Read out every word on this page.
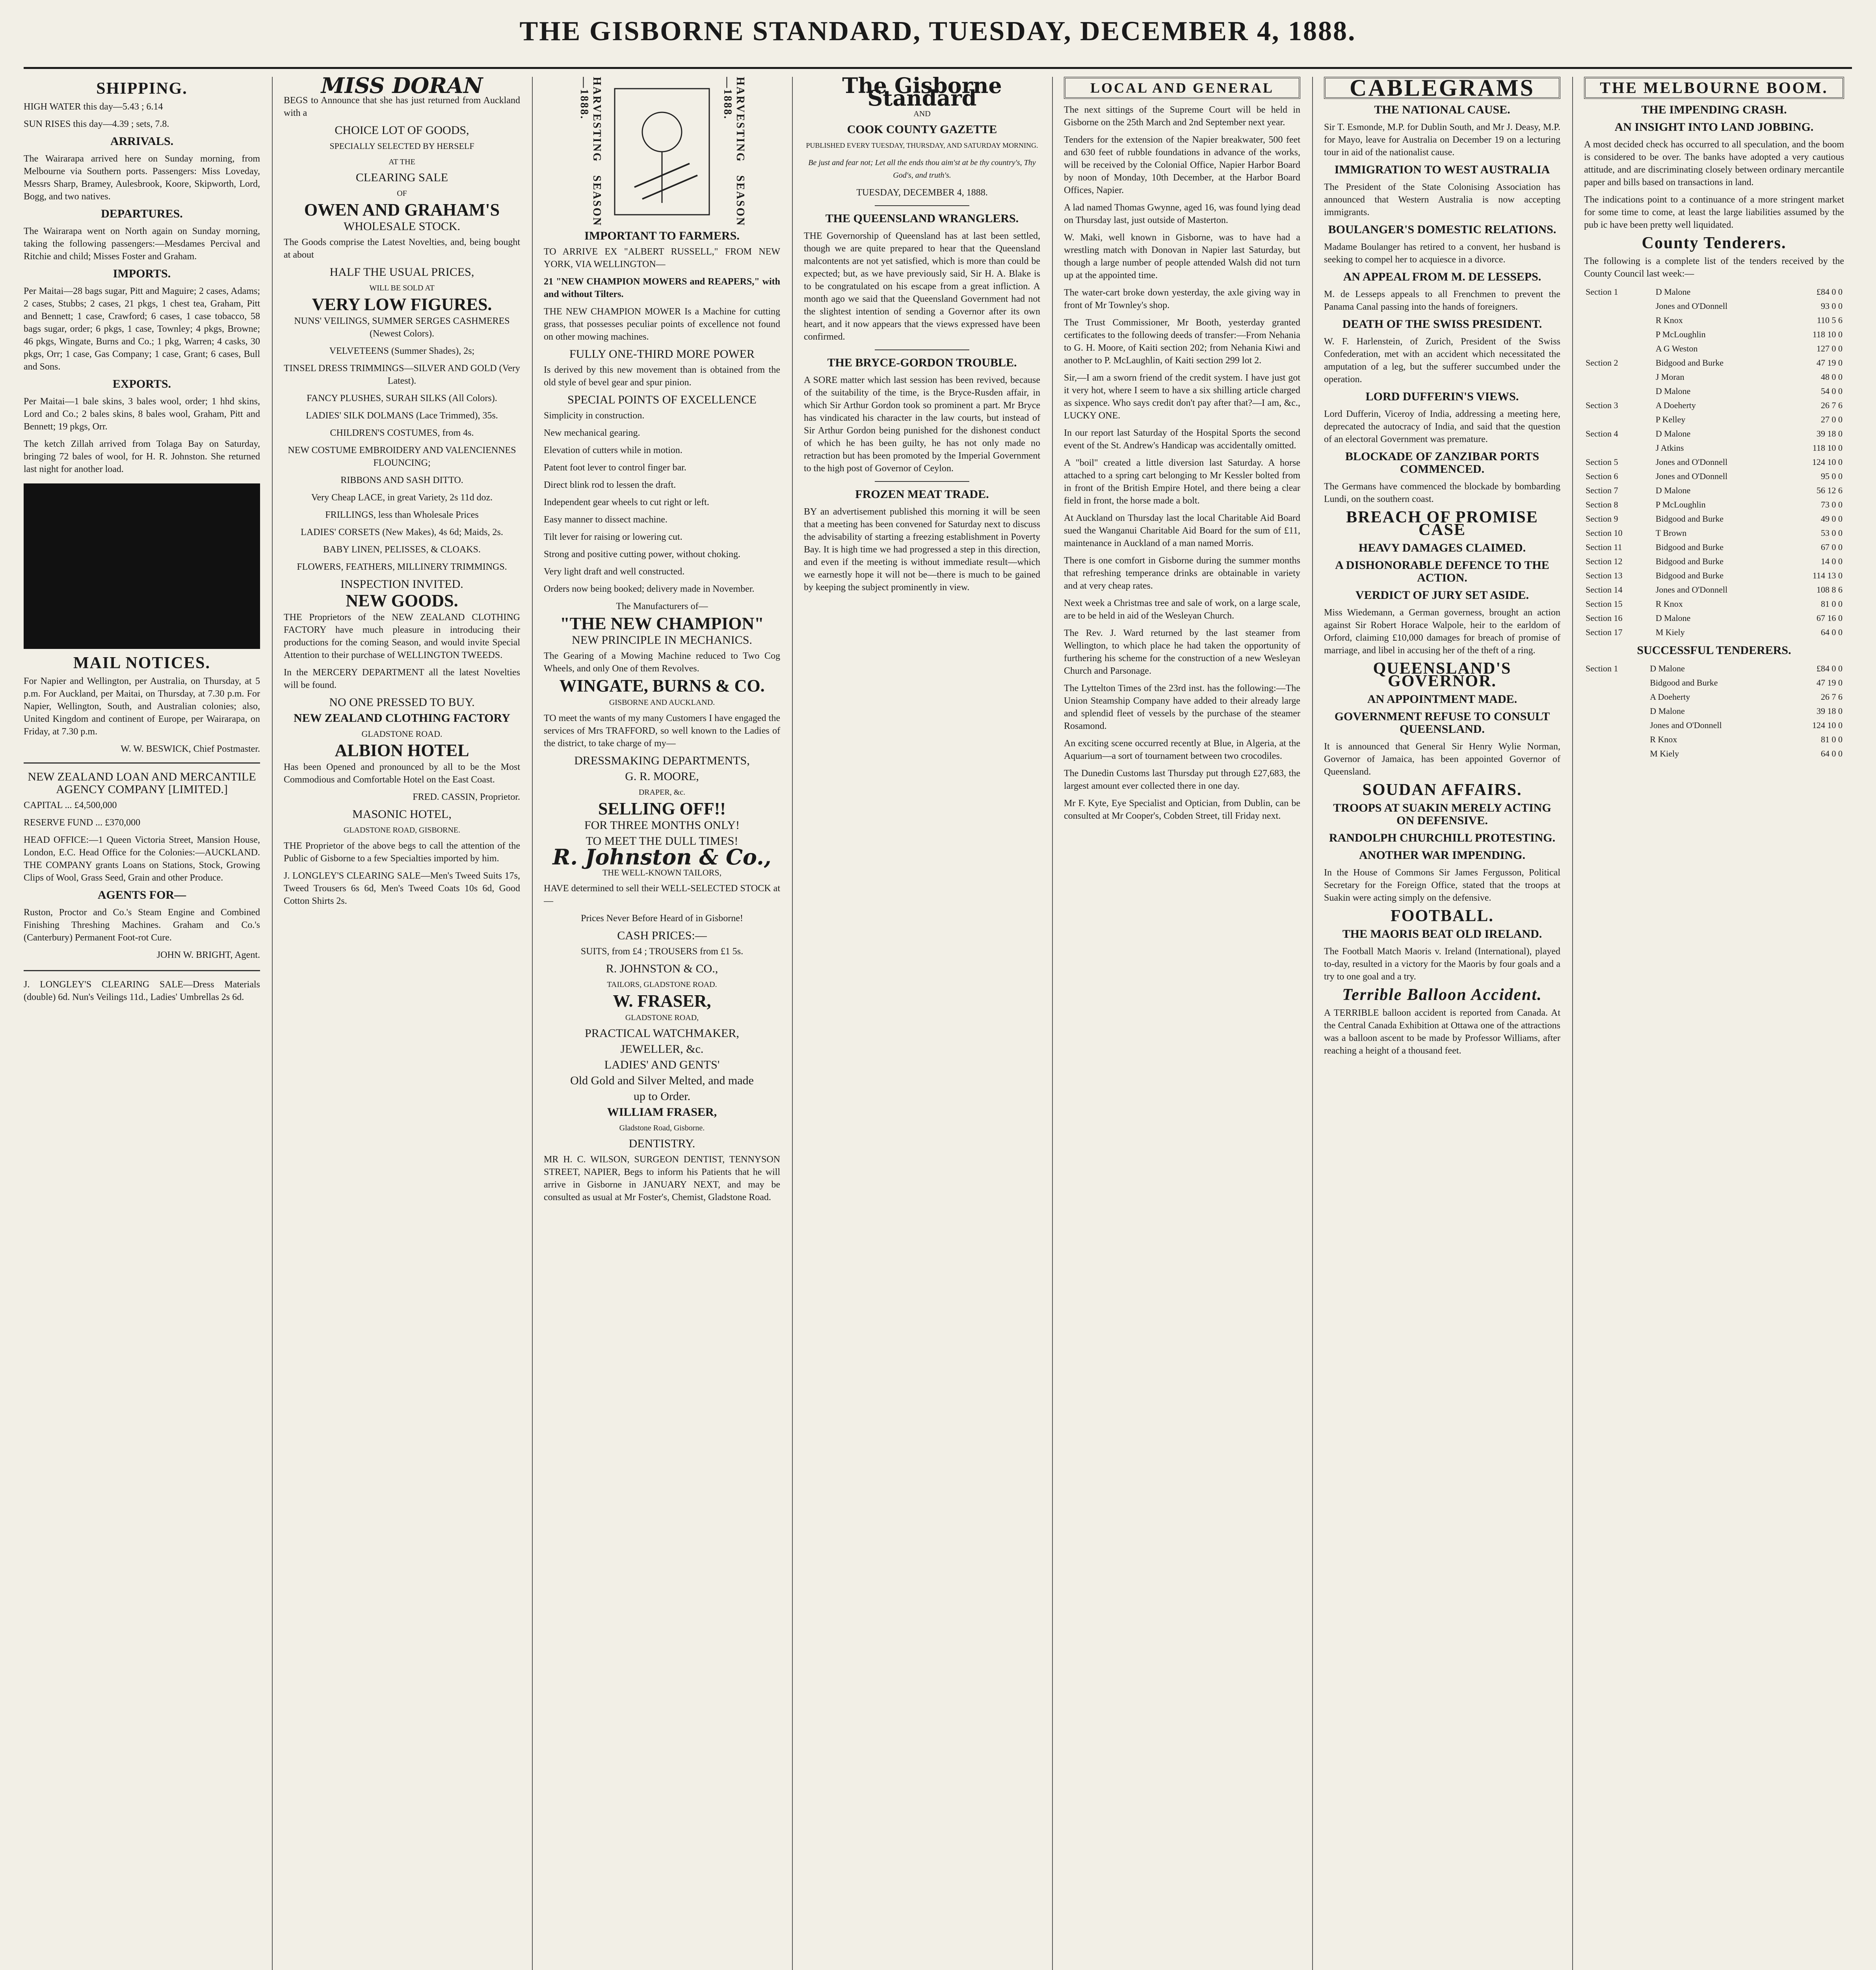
THE GISBORNE STANDARD, TUESDAY, DECEMBER 4, 1888.
SHIPPING.

HIGH WATER this day—5.43 ; 6.14

SUN RISES this day—4.39 ; sets, 7.8.

ARRIVALS.

The Wairarapa arrived here on Sunday morning, from Melbourne via Southern ports. Passengers: Miss Loveday, Messrs Sharp, Bramey, Aulesbrook, Koore, Skipworth, Lord, Bogg, and two natives.

DEPARTURES.

The Wairarapa went on North again on Sunday morning, taking the following passengers:—Mesdames Percival and Ritchie and child; Misses Foster and Graham.

IMPORTS.

Per Maitai—28 bags sugar, Pitt and Maguire; 2 cases, Adams; 2 cases, Stubbs; 2 cases, 21 pkgs, 1 chest tea, Graham, Pitt and Bennett; 1 case, Crawford; 6 cases, 1 case tobacco, 58 bags sugar, order; 6 pkgs, 1 case, Townley; 4 pkgs, Browne; 46 pkgs, Wingate, Burns and Co.; 1 pkg, Warren; 4 casks, 30 pkgs, Orr; 1 case, Gas Company; 1 case, Grant; 6 cases, Bull and Sons.

EXPORTS.

Per Maitai—1 bale skins, 3 bales wool, order; 1 hhd skins, Lord and Co.; 2 bales skins, 8 bales wool, Graham, Pitt and Bennett; 19 pkgs, Orr.

The ketch Zillah arrived from Tolaga Bay on Saturday, bringing 72 bales of wool, for H. R. Johnston. She returned last night for another load.

MAIL NOTICES.

For Napier and Wellington, per Australia, on Thursday, at 5 p.m. For Auckland, per Maitai, on Thursday, at 7.30 p.m. For Napier, Wellington, South, and Australian colonies; also, United Kingdom and continent of Europe, per Wairarapa, on Friday, at 7.30 p.m.

W. W. BESWICK, Chief Postmaster.

NEW ZEALAND LOAN AND MERCANTILE AGENCY COMPANY [LIMITED.]

CAPITAL ... £4,500,000

RESERVE FUND ... £370,000

HEAD OFFICE:—1 Queen Victoria Street, Mansion House, London, E.C. Head Office for the Colonies:—AUCKLAND. THE COMPANY grants Loans on Stations, Stock, Growing Clips of Wool, Grass Seed, Grain and other Produce.

AGENTS FOR—

Ruston, Proctor and Co.'s Steam Engine and Combined Finishing Threshing Machines. Graham and Co.'s (Canterbury) Permanent Foot-rot Cure.

JOHN W. BRIGHT, Agent.

J. LONGLEY'S CLEARING SALE—Dress Materials (double) 6d. Nun's Veilings 11d., Ladies' Umbrellas 2s 6d.

MISS DORAN

BEGS to Announce that she has just returned from Auckland with a

CHOICE LOT OF GOODS,
SPECIALLY SELECTED BY HERSELF
AT THE
CLEARING SALE
OF
OWEN AND GRAHAM'S
WHOLESALE STOCK.

The Goods comprise the Latest Novelties, and, being bought at about

HALF THE USUAL PRICES,
WILL BE SOLD AT
VERY LOW FIGURES.

NUNS' VEILINGS, SUMMER SERGES CASHMERES (Newest Colors).

VELVETEENS (Summer Shades), 2s;

TINSEL DRESS TRIMMINGS—SILVER AND GOLD (Very Latest).

FANCY PLUSHES, SURAH SILKS (All Colors).

LADIES' SILK DOLMANS (Lace Trimmed), 35s.

CHILDREN'S COSTUMES, from 4s.

NEW COSTUME EMBROIDERY AND VALENCIENNES FLOUNCING;

RIBBONS AND SASH DITTO.

Very Cheap LACE, in great Variety, 2s 11d doz.

FRILLINGS, less than Wholesale Prices

LADIES' CORSETS (New Makes), 4s 6d; Maids, 2s.

BABY LINEN, PELISSES, & CLOAKS.

FLOWERS, FEATHERS, MILLINERY TRIMMINGS.

INSPECTION INVITED.
NEW GOODS.

THE Proprietors of the NEW ZEALAND CLOTHING FACTORY have much pleasure in introducing their productions for the coming Season, and would invite Special Attention to their purchase of WELLINGTON TWEEDS.

In the MERCERY DEPARTMENT all the latest Novelties will be found.

NO ONE PRESSED TO BUY.
NEW ZEALAND CLOTHING FACTORY
GLADSTONE ROAD.
ALBION HOTEL

Has been Opened and pronounced by all to be the Most Commodious and Comfortable Hotel on the East Coast.

FRED. CASSIN, Proprietor.

MASONIC HOTEL,
GLADSTONE ROAD, GISBORNE.

THE Proprietor of the above begs to call the attention of the Public of Gisborne to a few Specialties imported by him.

J. LONGLEY'S CLEARING SALE—Men's Tweed Suits 17s, Tweed Trousers 6s 6d, Men's Tweed Coats 10s 6d, Good Cotton Shirts 2s.

HARVESTING SEASON—1888.	HARVESTING SEASON—1888.
IMPORTANT TO FARMERS.

TO ARRIVE EX "ALBERT RUSSELL," FROM NEW YORK, VIA WELLINGTON—

21 "NEW CHAMPION MOWERS and REAPERS," with and without Tilters.

THE NEW CHAMPION MOWER Is a Machine for cutting grass, that possesses peculiar points of excellence not found on other mowing machines.

FULLY ONE-THIRD MORE POWER

Is derived by this new movement than is obtained from the old style of bevel gear and spur pinion.

SPECIAL POINTS OF EXCELLENCE

Simplicity in construction.

New mechanical gearing.

Elevation of cutters while in motion.

Patent foot lever to control finger bar.

Direct blink rod to lessen the draft.

Independent gear wheels to cut right or left.

Easy manner to dissect machine.

Tilt lever for raising or lowering cut.

Strong and positive cutting power, without choking.

Very light draft and well constructed.

Orders now being booked; delivery made in November.

The Manufacturers of—

"THE NEW CHAMPION"
NEW PRINCIPLE IN MECHANICS.

The Gearing of a Mowing Machine reduced to Two Cog Wheels, and only One of them Revolves.

WINGATE, BURNS & CO.
GISBORNE AND AUCKLAND.

TO meet the wants of my many Customers I have engaged the services of Mrs TRAFFORD, so well known to the Ladies of the district, to take charge of my—

DRESSMAKING DEPARTMENTS,
G. R. MOORE,
DRAPER, &c.
SELLING OFF!!
FOR THREE MONTHS ONLY!
TO MEET THE DULL TIMES!
R. Johnston & Co.,
THE WELL-KNOWN TAILORS,

HAVE determined to sell their WELL-SELECTED STOCK at—

Prices Never Before Heard of in Gisborne!

CASH PRICES:—

SUITS, from £4 ; TROUSERS from £1 5s.

R. JOHNSTON & CO.,
TAILORS, GLADSTONE ROAD.
W. FRASER,
GLADSTONE ROAD,
PRACTICAL WATCHMAKER,
JEWELLER, &c.
LADIES' AND GENTS'
Old Gold and Silver Melted, and made
up to Order.
WILLIAM FRASER,
Gladstone Road, Gisborne.
DENTISTRY.

MR H. C. WILSON, SURGEON DENTIST, TENNYSON STREET, NAPIER, Begs to inform his Patients that he will arrive in Gisborne in JANUARY NEXT, and may be consulted as usual at Mr Foster's, Chemist, Gladstone Road.

The Gisborne Standard
AND
COOK COUNTY GAZETTE

PUBLISHED EVERY TUESDAY, THURSDAY, AND SATURDAY MORNING.

Be just and fear not; Let all the ends thou aim'st at be thy country's, Thy God's, and truth's.

TUESDAY, DECEMBER 4, 1888.

THE QUEENSLAND WRANGLERS.

THE Governorship of Queensland has at last been settled, though we are quite prepared to hear that the Queensland malcontents are not yet satisfied, which is more than could be expected; but, as we have previously said, Sir H. A. Blake is to be congratulated on his escape from a great infliction. A month ago we said that the Queensland Government had not the slightest intention of sending a Governor after its own heart, and it now appears that the views expressed have been confirmed.

THE BRYCE-GORDON TROUBLE.

A SORE matter which last session has been revived, because of the suitability of the time, is the Bryce-Rusden affair, in which Sir Arthur Gordon took so prominent a part. Mr Bryce has vindicated his character in the law courts, but instead of Sir Arthur Gordon being punished for the dishonest conduct of which he has been guilty, he has not only made no retraction but has been promoted by the Imperial Government to the high post of Governor of Ceylon.

FROZEN MEAT TRADE.

BY an advertisement published this morning it will be seen that a meeting has been convened for Saturday next to discuss the advisability of starting a freezing establishment in Poverty Bay. It is high time we had progressed a step in this direction, and even if the meeting is without immediate result—which we earnestly hope it will not be—there is much to be gained by keeping the subject prominently in view.

LOCAL AND GENERAL

The next sittings of the Supreme Court will be held in Gisborne on the 25th March and 2nd September next year.

Tenders for the extension of the Napier breakwater, 500 feet and 630 feet of rubble foundations in advance of the works, will be received by the Colonial Office, Napier Harbor Board by noon of Monday, 10th December, at the Harbor Board Offices, Napier.

A lad named Thomas Gwynne, aged 16, was found lying dead on Thursday last, just outside of Masterton.

W. Maki, well known in Gisborne, was to have had a wrestling match with Donovan in Napier last Saturday, but though a large number of people attended Walsh did not turn up at the appointed time.

The water-cart broke down yesterday, the axle giving way in front of Mr Townley's shop.

The Trust Commissioner, Mr Booth, yesterday granted certificates to the following deeds of transfer:—From Nehania to G. H. Moore, of Kaiti section 202; from Nehania Kiwi and another to P. McLaughlin, of Kaiti section 299 lot 2.

Sir,—I am a sworn friend of the credit system. I have just got it very hot, where I seem to have a six shilling article charged as sixpence. Who says credit don't pay after that?—I am, &c., LUCKY ONE.

In our report last Saturday of the Hospital Sports the second event of the St. Andrew's Handicap was accidentally omitted.

A "boil" created a little diversion last Saturday. A horse attached to a spring cart belonging to Mr Kessler bolted from in front of the British Empire Hotel, and there being a clear field in front, the horse made a bolt.

At Auckland on Thursday last the local Charitable Aid Board sued the Wanganui Charitable Aid Board for the sum of £11, maintenance in Auckland of a man named Morris.

There is one comfort in Gisborne during the summer months that refreshing temperance drinks are obtainable in variety and at very cheap rates.

Next week a Christmas tree and sale of work, on a large scale, are to be held in aid of the Wesleyan Church.

The Rev. J. Ward returned by the last steamer from Wellington, to which place he had taken the opportunity of furthering his scheme for the construction of a new Wesleyan Church and Parsonage.

The Lyttelton Times of the 23rd inst. has the following:—The Union Steamship Company have added to their already large and splendid fleet of vessels by the purchase of the steamer Rosamond.

An exciting scene occurred recently at Blue, in Algeria, at the Aquarium—a sort of tournament between two crocodiles.

The Dunedin Customs last Thursday put through £27,683, the largest amount ever collected there in one day.

Mr F. Kyte, Eye Specialist and Optician, from Dublin, can be consulted at Mr Cooper's, Cobden Street, till Friday next.

CABLEGRAMS
THE NATIONAL CAUSE.

Sir T. Esmonde, M.P. for Dublin South, and Mr J. Deasy, M.P. for Mayo, leave for Australia on December 19 on a lecturing tour in aid of the nationalist cause.

IMMIGRATION TO WEST AUSTRALIA

The President of the State Colonising Association has announced that Western Australia is now accepting immigrants.

BOULANGER'S DOMESTIC RELATIONS.

Madame Boulanger has retired to a convent, her husband is seeking to compel her to acquiesce in a divorce.

AN APPEAL FROM M. DE LESSEPS.

M. de Lesseps appeals to all Frenchmen to prevent the Panama Canal passing into the hands of foreigners.

DEATH OF THE SWISS PRESIDENT.

W. F. Harlenstein, of Zurich, President of the Swiss Confederation, met with an accident which necessitated the amputation of a leg, but the sufferer succumbed under the operation.

LORD DUFFERIN'S VIEWS.

Lord Dufferin, Viceroy of India, addressing a meeting here, deprecated the autocracy of India, and said that the question of an electoral Government was premature.

BLOCKADE OF ZANZIBAR PORTS COMMENCED.

The Germans have commenced the blockade by bombarding Lundi, on the southern coast.

BREACH OF PROMISE CASE
HEAVY DAMAGES CLAIMED.
A DISHONORABLE DEFENCE TO THE ACTION.
VERDICT OF JURY SET ASIDE.

Miss Wiedemann, a German governess, brought an action against Sir Robert Horace Walpole, heir to the earldom of Orford, claiming £10,000 damages for breach of promise of marriage, and libel in accusing her of the theft of a ring.

QUEENSLAND'S GOVERNOR.
AN APPOINTMENT MADE.
GOVERNMENT REFUSE TO CONSULT QUEENSLAND.

It is announced that General Sir Henry Wylie Norman, Governor of Jamaica, has been appointed Governor of Queensland.

SOUDAN AFFAIRS.
TROOPS AT SUAKIN MERELY ACTING ON DEFENSIVE.
RANDOLPH CHURCHILL PROTESTING.
ANOTHER WAR IMPENDING.

In the House of Commons Sir James Fergusson, Political Secretary for the Foreign Office, stated that the troops at Suakin were acting simply on the defensive.

FOOTBALL.
THE MAORIS BEAT OLD IRELAND.

The Football Match Maoris v. Ireland (International), played to-day, resulted in a victory for the Maoris by four goals and a try to one goal and a try.

Terrible Balloon Accident.

A TERRIBLE balloon accident is reported from Canada. At the Central Canada Exhibition at Ottawa one of the attractions was a balloon ascent to be made by Professor Williams, after reaching a height of a thousand feet.

THE MELBOURNE BOOM.
THE IMPENDING CRASH.
AN INSIGHT INTO LAND JOBBING.

A most decided check has occurred to all speculation, and the boom is considered to be over. The banks have adopted a very cautious attitude, and are discriminating closely between ordinary mercantile paper and bills based on transactions in land.

The indications point to a continuance of a more stringent market for some time to come, at least the large liabilities assumed by the pub ic have been pretty well liquidated.

County Tenderers.

The following is a complete list of the tenders received by the County Council last week:—

Section 1	D Malone	£84 0 0
	Jones and O'Donnell	93 0 0
	R Knox	110 5 6
	P McLoughlin	118 10 0
	A G Weston	127 0 0
Section 2	Bidgood and Burke	47 19 0
	J Moran	48 0 0
	D Malone	54 0 0
Section 3	A Doeherty	26 7 6
	P Kelley	27 0 0
Section 4	D Malone	39 18 0
	J Atkins	118 10 0
Section 5	Jones and O'Donnell	124 10 0
Section 6	Jones and O'Donnell	95 0 0
Section 7	D Malone	56 12 6
Section 8	P McLoughlin	73 0 0
Section 9	Bidgood and Burke	49 0 0
Section 10	T Brown	53 0 0
Section 11	Bidgood and Burke	67 0 0
Section 12	Bidgood and Burke	14 0 0
Section 13	Bidgood and Burke	114 13 0
Section 14	Jones and O'Donnell	108 8 6
Section 15	R Knox	81 0 0
Section 16	D Malone	67 16 0
Section 17	M Kiely	64 0 0
SUCCESSFUL TENDERERS.
Section 1	D Malone	£84 0 0
	Bidgood and Burke	47 19 0
	A Doeherty	26 7 6
	D Malone	39 18 0
	Jones and O'Donnell	124 10 0
	R Knox	81 0 0
	M Kiely	64 0 0
